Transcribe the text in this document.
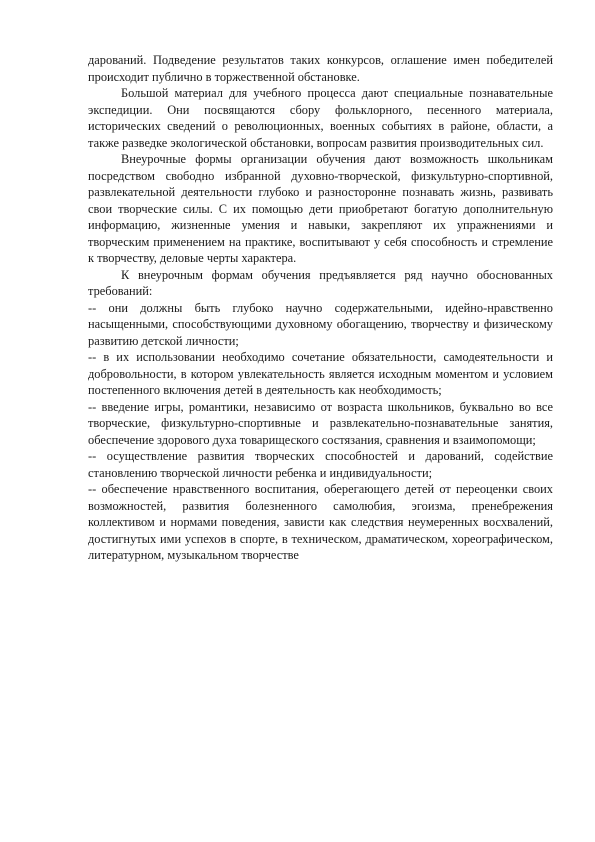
дарований. Подведение результатов таких конкурсов, оглашение имен победителей происходит публично в торжественной обстановке.

Большой материал для учебного процесса дают специальные познавательные экспедиции. Они посвящаются сбору фольклорного, песенного материала, исторических сведений о революционных, военных событиях в районе, области, а также разведке экологической обстановки, вопросам развития производительных сил.

Внеурочные формы организации обучения дают возможность школьникам посредством свободно избранной духовно-творческой, физкультурно-спортивной, развлекательной деятельности глубоко и разносторонне познавать жизнь, развивать свои творческие силы. С их помощью дети приобретают богатую дополнительную информацию, жизненные умения и навыки, закрепляют их упражнениями и творческим применением на практике, воспитывают у себя способность и стремление к творчеству, деловые черты характера.

К внеурочным формам обучения предъявляется ряд научно обоснованных требований:

-- они должны быть глубоко научно содержательными, идейно-нравственно насыщенными, способствующими духовному обогащению, творчеству и физическому развитию детской личности;

-- в их использовании необходимо сочетание обязательности, самодеятельности и добровольности, в котором увлекательность является исходным моментом и условием постепенного включения детей в деятельность как необходимость;

-- введение игры, романтики, независимо от возраста школьников, буквально во все творческие, физкультурно-спортивные и развлекательно-познавательные занятия, обеспечение здорового духа товарищеского состязания, сравнения и взаимопомощи;

-- осуществление развития творческих способностей и дарований, содействие становлению творческой личности ребенка и индивидуальности;

-- обеспечение нравственного воспитания, оберегающего детей от переоценки своих возможностей, развития болезненного самолюбия, эгоизма, пренебрежения коллективом и нормами поведения, зависти как следствия неумеренных восхвалений, достигнутых ими успехов в спорте, в техническом, драматическом, хореографическом, литературном, музыкальном творчестве
